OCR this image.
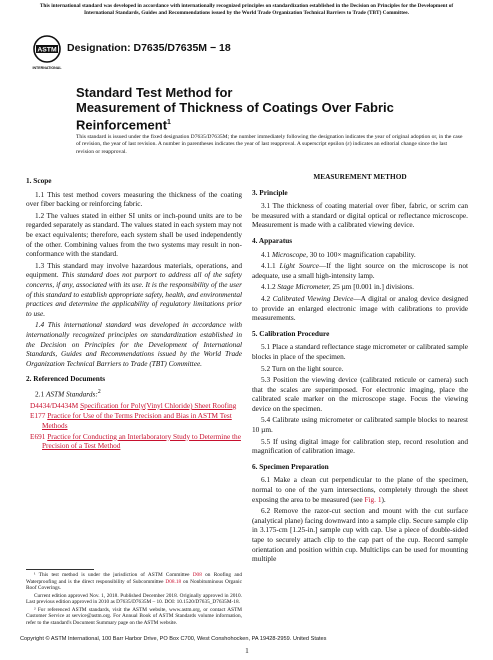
This international standard was developed in accordance with internationally recognized principles on standardization established in the Decision on Principles for the Development of International Standards, Guides and Recommendations issued by the World Trade Organization Technical Barriers to Trade (TBT) Committee.
ASTM
INTERNATIONAL
Designation: D7635/D7635M − 18
Standard Test Method for
Measurement of Thickness of Coatings Over Fabric
Reinforcement$^1$
This standard is issued under the fixed designation D7635/D7635M; the number immediately following the designation indicates the year of original adoption or, in the case of revision, the year of last revision. A number in parentheses indicates the year of last reapproval. A superscript epsilon (ε) indicates an editorial change since the last revision or reapproval.
1. Scope
1.1 This test method covers measuring the thickness of the coating over fiber backing or reinforcing fabric.
1.2 The values stated in either SI units or inch-pound units are to be regarded separately as standard. The values stated in each system may not be exact equivalents; therefore, each system shall be used independently of the other. Combining values from the two systems may result in non-conformance with the standard.
1.3 This standard may involve hazardous materials, operations, and equipment. This standard does not purport to address all of the safety concerns, if any, associated with its use. It is the responsibility of the user of this standard to establish appropriate safety, health, and environmental practices and determine the applicability of regulatory limitations prior to use.
1.4 This international standard was developed in accordance with internationally recognized principles on standardization established in the Decision on Principles for the Development of International Standards, Guides and Recommendations issued by the World Trade Organization Technical Barriers to Trade (TBT) Committee.
2. Referenced Documents
2.1 ASTM Standards:$^2$
D4434/D4434M Specification for Poly(Vinyl Chloride) Sheet Roofing
E177 Practice for Use of the Terms Precision and Bias in ASTM Test Methods
E691 Practice for Conducting an Interlaboratory Study to Determine the Precision of a Test Method
¹ This test method is under the jurisdiction of ASTM Committee D08 on Roofing and Waterproofing and is the direct responsibility of Subcommittee D08.18 on Nonbituminous Organic Roof Coverings.
Current edition approved Nov. 1, 2018. Published December 2018. Originally approved in 2010. Last previous edition approved in 2010 as D7635/D7635M – 10. DOI: 10.1520/D7635_D7635M-18.
² For referenced ASTM standards, visit the ASTM website, www.astm.org, or contact ASTM Customer Service at service@astm.org. For Annual Book of ASTM Standards volume information, refer to the standard's Document Summary page on the ASTM website.
MEASUREMENT METHOD
3. Principle
3.1 The thickness of coating material over fiber, fabric, or scrim can be measured with a standard or digital optical or reflectance microscope. Measurement is made with a calibrated viewing device.
4. Apparatus
4.1 Microscope, 30 to 100× magnification capability.
4.1.1 Light Source—If the light source on the microscope is not adequate, use a small high-intensity lamp.
4.1.2 Stage Micrometer, 25 µm [0.001 in.] divisions.
4.2 Calibrated Viewing Device—A digital or analog device designed to provide an enlarged electronic image with calibrations to provide measurements.
5. Calibration Procedure
5.1 Place a standard reflectance stage micrometer or calibrated sample blocks in place of the specimen.
5.2 Turn on the light source.
5.3 Position the viewing device (calibrated reticule or camera) such that the scales are superimposed. For electronic imaging, place the calibrated scale marker on the microscope stage. Focus the viewing device on the specimen.
5.4 Calibrate using micrometer or calibrated sample blocks to nearest 10 µm.
5.5 If using digital image for calibration step, record resolution and magnification of calibration image.
6. Specimen Preparation
6.1 Make a clean cut perpendicular to the plane of the specimen, normal to one of the yarn intersections, completely through the sheet exposing the area to be measured (see Fig. 1).
6.2 Remove the razor-cut section and mount with the cut surface (analytical plane) facing downward into a sample clip. Secure sample clip in 3.175-cm [1.25-in.] sample cup with cap. Use a piece of double-sided tape to securely attach clip to the cap part of the cup. Record sample orientation and position within cup. Multiclips can be used for mounting multiple
Copyright © ASTM International, 100 Barr Harbor Drive, PO Box C700, West Conshohocken, PA 19428-2959. United States
1
